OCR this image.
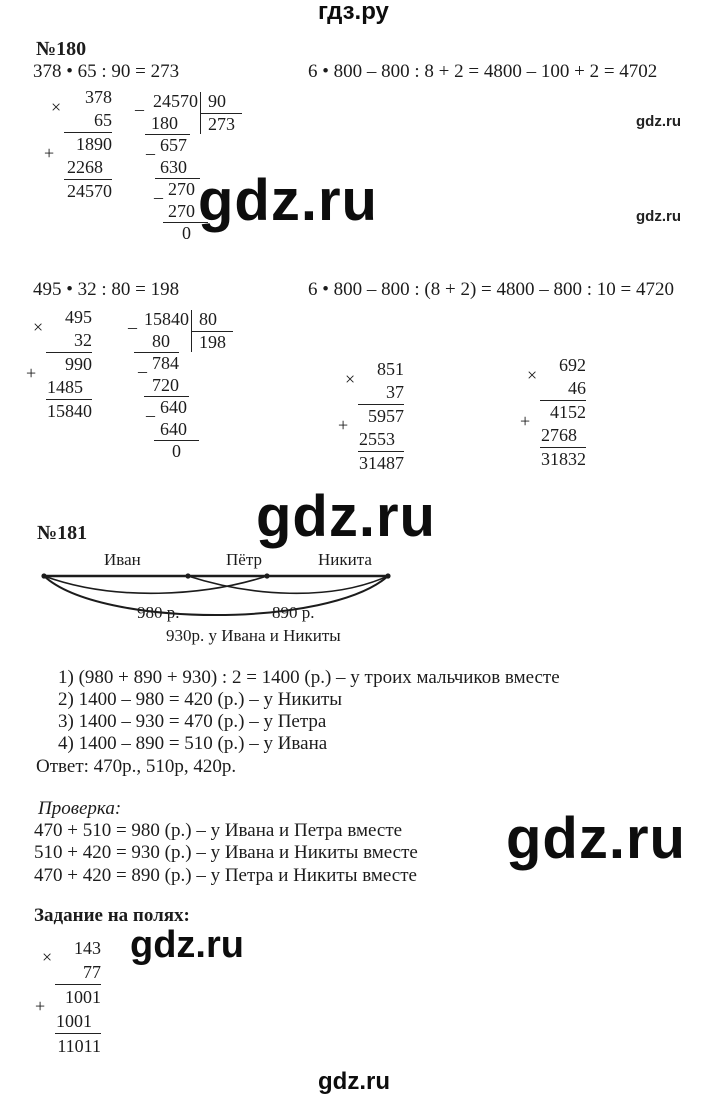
гдз.ру
gdz.ru
№180
378 • 65 : 90 = 273	6 • 800 – 800 : 8 + 2 = 4800 – 100 + 2 = 4702
×
+
378
65
1890
2268
24570
– 24570 90
273
180
657
–
630
270
–
270
0
gdz.ru
gdz.ru	gdz.ru
495 • 32 : 80 = 198	6 • 800 – 800 : (8 + 2) = 4800 – 800 : 10 = 4720
×
+
495
32
990
1485
15840
– 15840 80
198
80
784
–
720
640
–
640
0
×
+
851
37
5957
2553
31487
×
+
692
46
4152
2768
31832
gdz.ru
№181
Иван	Пётр	Никита
980 р.	890 р.
930р. у Ивана и Никиты
1) (980 + 890 + 930) : 2 = 1400 (р.) – у троих мальчиков вместе
2) 1400 – 980 = 420 (р.) – у Никиты
3) 1400 – 930 = 470 (р.) – у Петра
4) 1400 – 890 = 510 (р.) – у Ивана
Ответ: 470р., 510р, 420р.
Проверка:
470 + 510 = 980 (р.) – у Ивана и Петра вместе
510 + 420 = 930 (р.) – у Ивана и Никиты вместе
470 + 420 = 890 (р.) – у Петра и Никиты вместе
gdz.ru
Задание на полях:
gdz.ru
×
+
143
77
1001
1001
11011
